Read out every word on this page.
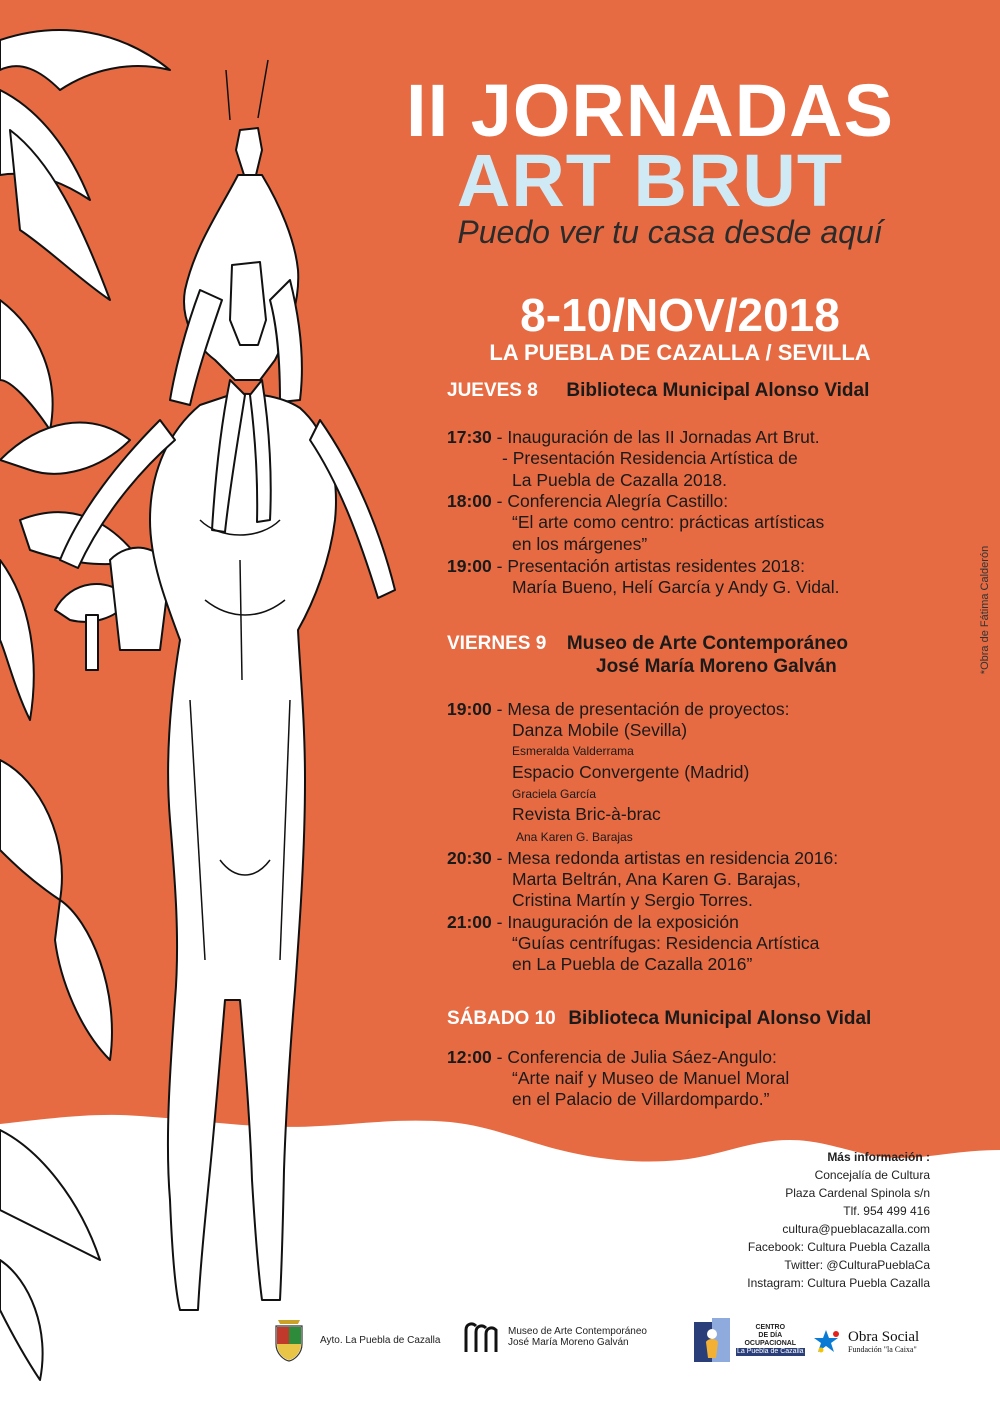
II JORNADAS
ART BRUT
Puedo ver tu casa desde aquí
8-10/NOV/2018
LA PUEBLA DE CAZALLA / SEVILLA
JUEVES 8 Biblioteca Municipal Alonso Vidal
17:30 - Inauguración de las II Jornadas Art Brut.
- Presentación Residencia Artística de
La Puebla de Cazalla 2018.
18:00 - Conferencia Alegría Castillo:
“El arte como centro: prácticas artísticas
en los márgenes”
19:00 - Presentación artistas residentes 2018:
María Bueno, Helí García y Andy G. Vidal.
VIERNES 9 Museo de Arte Contemporáneo
José María Moreno Galván
19:00 - Mesa de presentación de proyectos:
Danza Mobile (Sevilla)
Esmeralda Valderrama
Espacio Convergente (Madrid)
Graciela García
Revista Bric-à-brac
Ana Karen G. Barajas
20:30 - Mesa redonda artistas en residencia 2016:
Marta Beltrán, Ana Karen G. Barajas,
Cristina Martín y Sergio Torres.
21:00 - Inauguración de la exposición
“Guías centrífugas: Residencia Artística
en La Puebla de Cazalla 2016”
SÁBADO 10 Biblioteca Municipal Alonso Vidal
12:00 - Conferencia de Julia Sáez-Angulo:
“Arte naif y Museo de Manuel Moral
en el Palacio de Villardompardo.”
Más información :
Concejalía de Cultura
Plaza Cardenal Spinola s/n
Tlf. 954 499 416
cultura@pueblacazalla.com
Facebook: Cultura Puebla Cazalla
Twitter: @CulturaPueblaCa
Instagram: Cultura Puebla Cazalla
*Obra de Fátima Calderón
Ayto. La Puebla de Cazalla
Museo de Arte Contemporáneo
José María Moreno Galván
CENTRO
DE DÍA
OCUPACIONAL
La Puebla de Cazalla
Obra Social
Fundación "la Caixa"
